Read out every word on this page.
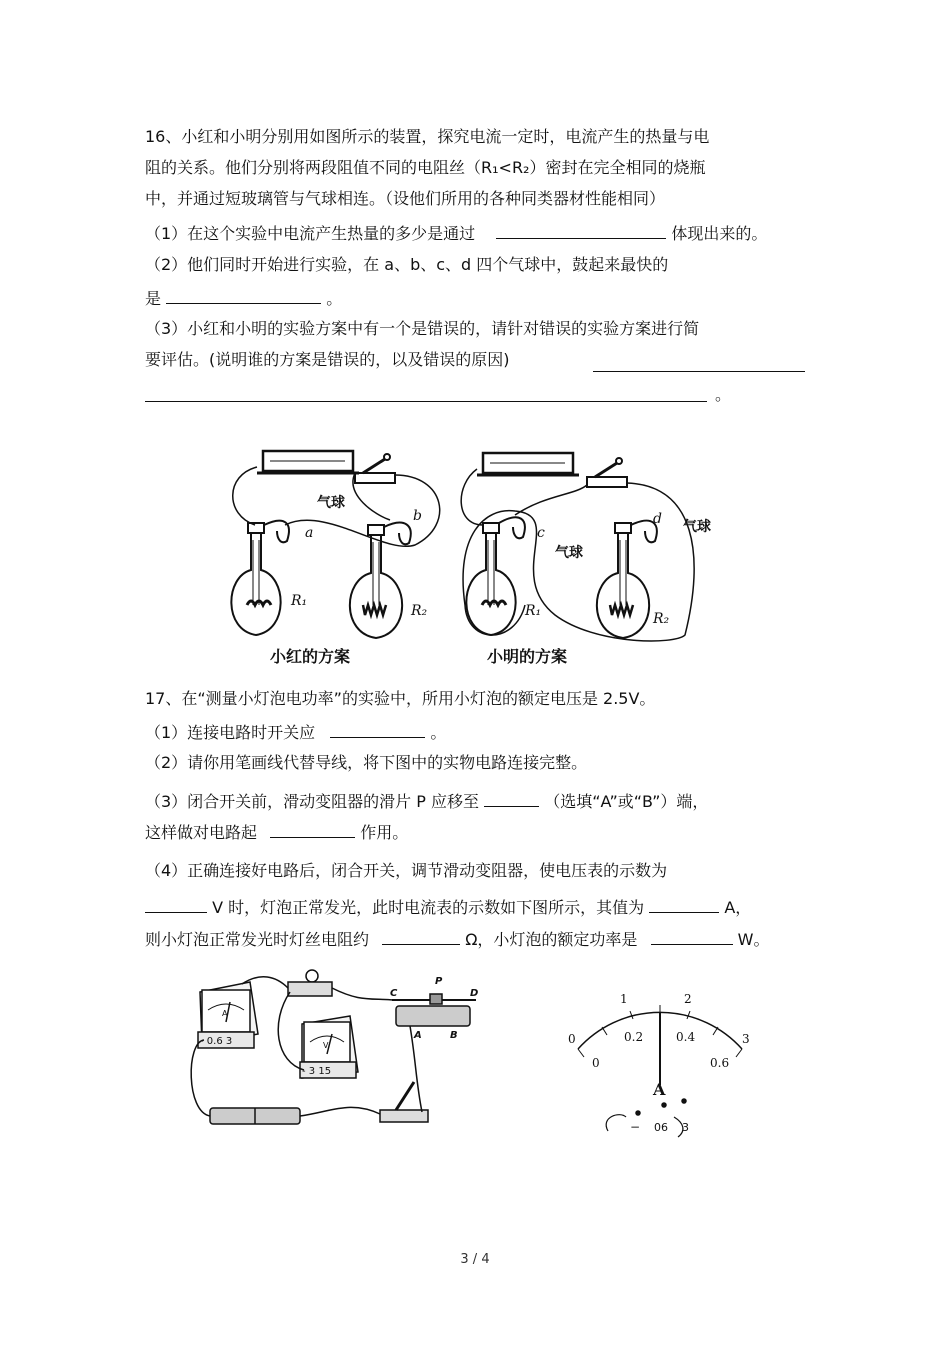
16、小红和小明分别用如图所示的装置，探究电流一定时，电流产生的热量与电
阻的关系。他们分别将两段阻值不同的电阻丝（R₁<R₂）密封在完全相同的烧瓶
中，并通过短玻璃管与气球相连。（设他们所用的各种同类器材性能相同）
（1）在这个实验中电流产生热量的多少是通过	体现出来的。
（2）他们同时开始进行实验，在 a、b、c、d 四个气球中，鼓起来最快的
是	。
（3）小红和小明的实验方案中有一个是错误的，请针对错误的实验方案进行简
要评估。(说明谁的方案是错误的，以及错误的原因)
。
气球
a
b
R₁
R₂
c
气球
d 气球
R₁	R₂
小红的方案	小明的方案
17、在“测量小灯泡电功率”的实验中，所用小灯泡的额定电压是 2.5V。
（1）连接电路时开关应	。
（2）请你用笔画线代替导线，将下图中的实物电路连接完整。
（3）闭合开关前，滑动变阻器的滑片 P 应移至	（选填“A”或“B”）端，
这样做对电路起	作用。
（4）正确连接好电路后，闭合开关，调节滑动变阻器，使电压表的示数为
V 时，灯泡正常发光，此时电流表的示数如下图所示，其值为	A，
则小灯泡正常发光时灯丝电阻约	Ω，小灯泡的额定功率是	W。
A
- 0.6 3	V
- 3 15
C
P
D
A	B	0
1	2
3
0
0.2	0.4
0.6
A
− 06 3
3 / 4
